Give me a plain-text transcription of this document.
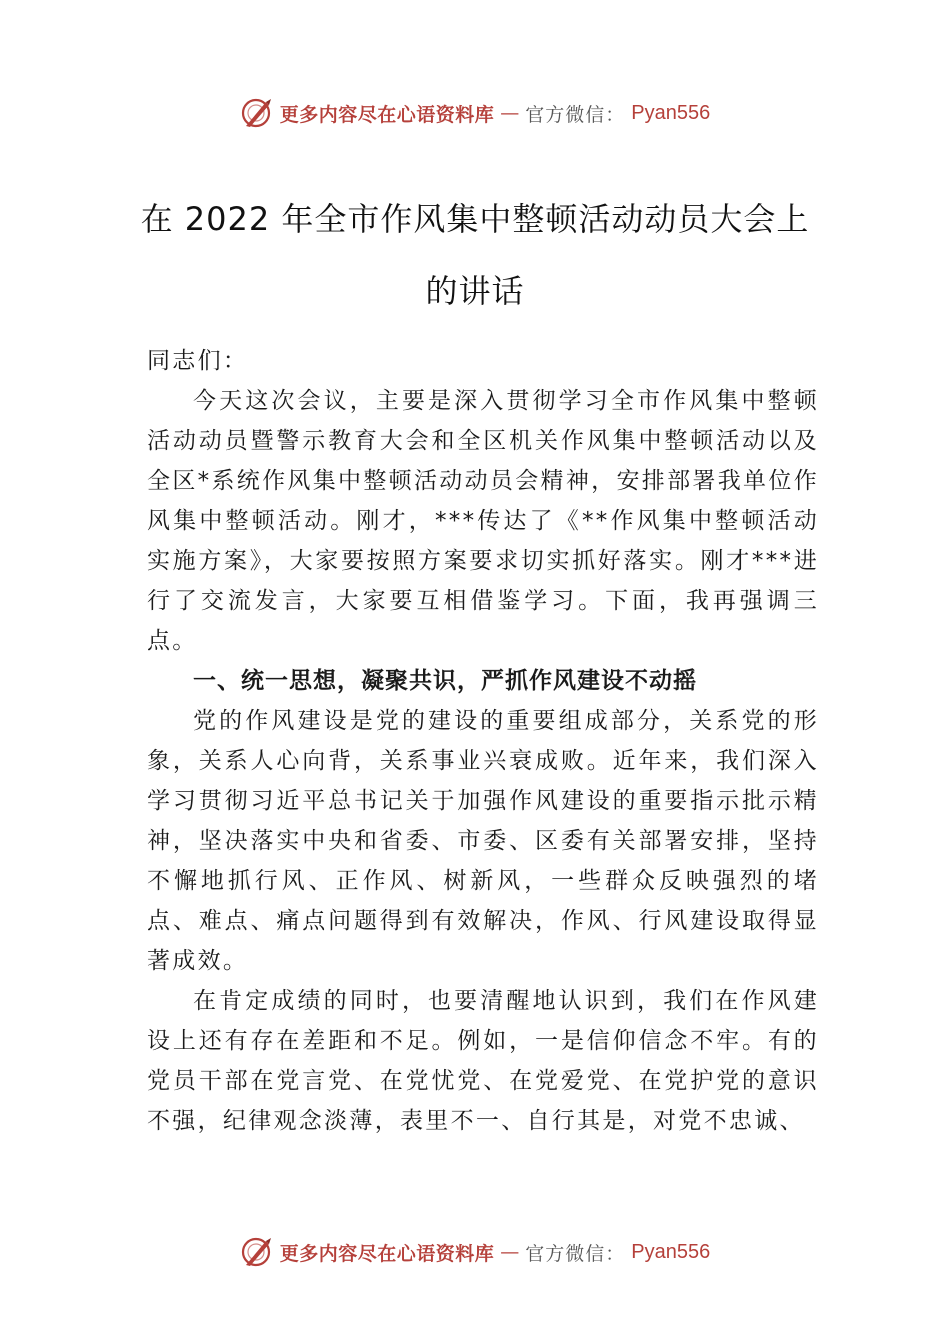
更多内容尽在心语资料库 — 官方微信： Pyan556
在 2022 年全市作风集中整顿活动动员大会上的讲话

同志们：

今天这次会议，主要是深入贯彻学习全市作风集中整顿活动动员暨警示教育大会和全区机关作风集中整顿活动以及全区*系统作风集中整顿活动动员会精神，安排部署我单位作风集中整顿活动。刚才，***传达了《**作风集中整顿活动实施方案》，大家要按照方案要求切实抓好落实。刚才***进行了交流发言，大家要互相借鉴学习。下面，我再强调三点。

一、统一思想，凝聚共识，严抓作风建设不动摇

党的作风建设是党的建设的重要组成部分，关系党的形象，关系人心向背，关系事业兴衰成败。近年来，我们深入学习贯彻习近平总书记关于加强作风建设的重要指示批示精神，坚决落实中央和省委、市委、区委有关部署安排，坚持不懈地抓行风、正作风、树新风，一些群众反映强烈的堵点、难点、痛点问题得到有效解决，作风、行风建设取得显著成效。

在肯定成绩的同时，也要清醒地认识到，我们在作风建设上还有存在差距和不足。例如，一是信仰信念不牢。有的党员干部在党言党、在党忧党、在党爱党、在党护党的意识不强，纪律观念淡薄，表里不一、自行其是，对党不忠诚、

更多内容尽在心语资料库 — 官方微信： Pyan556
